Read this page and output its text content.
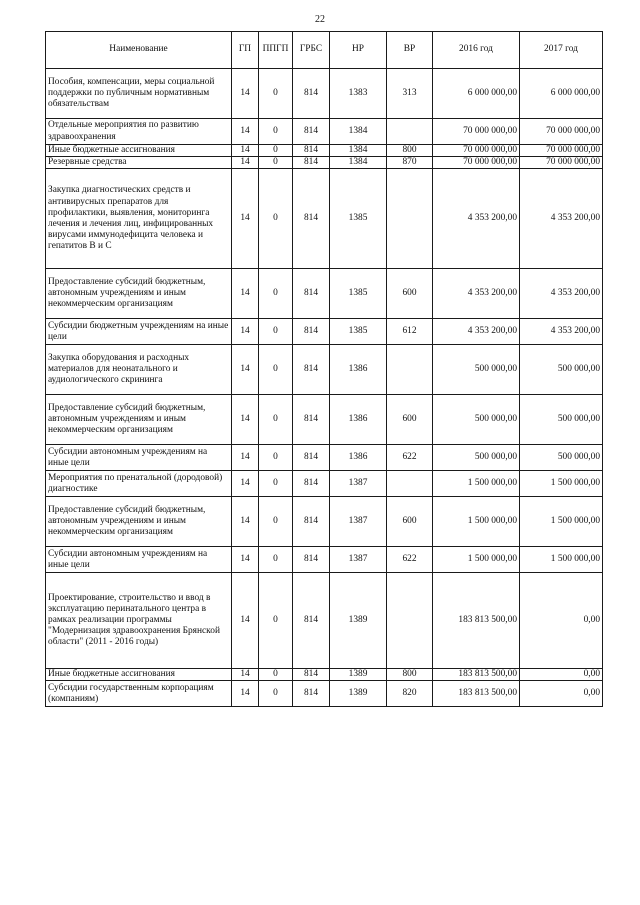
22
Наименование	ГП	ППГП	ГРБС	НР	ВР	2016 год	2017 год
Пособия, компенсации, меры социальной поддержки по публичным нормативным обязательствам	14	0	814	1383	313	6 000 000,00	6 000 000,00
Отдельные мероприятия по развитию здравоохранения	14	0	814	1384		70 000 000,00	70 000 000,00
Иные бюджетные ассигнования	14	0	814	1384	800	70 000 000,00	70 000 000,00
Резервные средства	14	0	814	1384	870	70 000 000,00	70 000 000,00
Закупка диагностических средств и антивирусных препаратов для профилактики, выявления, мониторинга лечения и лечения лиц, инфицированных вирусами иммунодефицита человека и гепатитов В и С	14	0	814	1385		4 353 200,00	4 353 200,00
Предоставление субсидий бюджетным, автономным учреждениям и иным некоммерческим организациям	14	0	814	1385	600	4 353 200,00	4 353 200,00
Субсидии бюджетным учреждениям на иные цели	14	0	814	1385	612	4 353 200,00	4 353 200,00
Закупка оборудования и расходных материалов для неонатального и аудиологического скрининга	14	0	814	1386		500 000,00	500 000,00
Предоставление субсидий бюджетным, автономным учреждениям и иным некоммерческим организациям	14	0	814	1386	600	500 000,00	500 000,00
Субсидии автономным учреждениям на иные цели	14	0	814	1386	622	500 000,00	500 000,00
Мероприятия по пренатальной (дородовой) диагностике	14	0	814	1387		1 500 000,00	1 500 000,00
Предоставление субсидий бюджетным, автономным учреждениям и иным некоммерческим организациям	14	0	814	1387	600	1 500 000,00	1 500 000,00
Субсидии автономным учреждениям на иные цели	14	0	814	1387	622	1 500 000,00	1 500 000,00
Проектирование, строительство и ввод в эксплуатацию перинатального центра в рамках реализации программы "Модернизация здравоохранения Брянской области" (2011 - 2016 годы)	14	0	814	1389		183 813 500,00	0,00
Иные бюджетные ассигнования	14	0	814	1389	800	183 813 500,00	0,00
Субсидии государственным корпорациям (компаниям)	14	0	814	1389	820	183 813 500,00	0,00
